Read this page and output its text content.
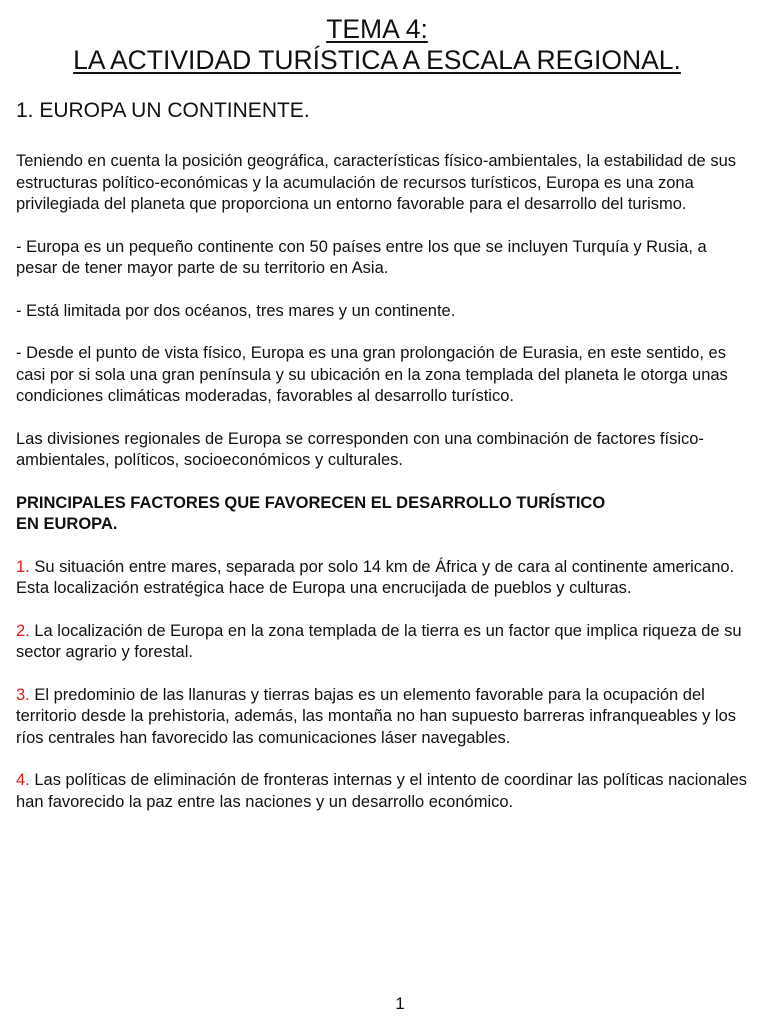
TEMA 4:
LA ACTIVIDAD TURÍSTICA A ESCALA REGIONAL.
1. EUROPA UN CONTINENTE.

Teniendo en cuenta la posición geográfica, características físico-ambientales, la estabilidad de sus estructuras político-económicas y la acumulación de recursos turísticos, Europa es una zona privilegiada del planeta que proporciona un entorno favorable para el desarrollo del turismo.

- Europa es un pequeño continente con 50 países entre los que se incluyen Turquía y Rusia, a pesar de tener mayor parte de su territorio en Asia.

- Está limitada por dos océanos, tres mares y un continente.

- Desde el punto de vista físico, Europa es una gran prolongación de Eurasia, en este sentido, es casi por si sola una gran península y su ubicación en la zona templada del planeta le otorga unas condiciones climáticas moderadas, favorables al desarrollo turístico.

Las divisiones regionales de Europa se corresponden con una combinación de factores físico-ambientales, políticos, socioeconómicos y culturales.

PRINCIPALES FACTORES QUE FAVORECEN EL DESARROLLO TURÍSTICO
EN EUROPA.

1. Su situación entre mares, separada por solo 14 km de África y de cara al continente americano. Esta localización estratégica hace de Europa una encrucijada de pueblos y culturas.

2. La localización de Europa en la zona templada de la tierra es un factor que implica riqueza de su sector agrario y forestal.

3. El predominio de las llanuras y tierras bajas es un elemento favorable para la ocupación del territorio desde la prehistoria, además, las montaña no han supuesto barreras infranqueables y los ríos centrales han favorecido las comunicaciones láser navegables.

4. Las políticas de eliminación de fronteras internas y el intento de coordinar las políticas nacionales han favorecido la paz entre las naciones y un desarrollo económico.

1
